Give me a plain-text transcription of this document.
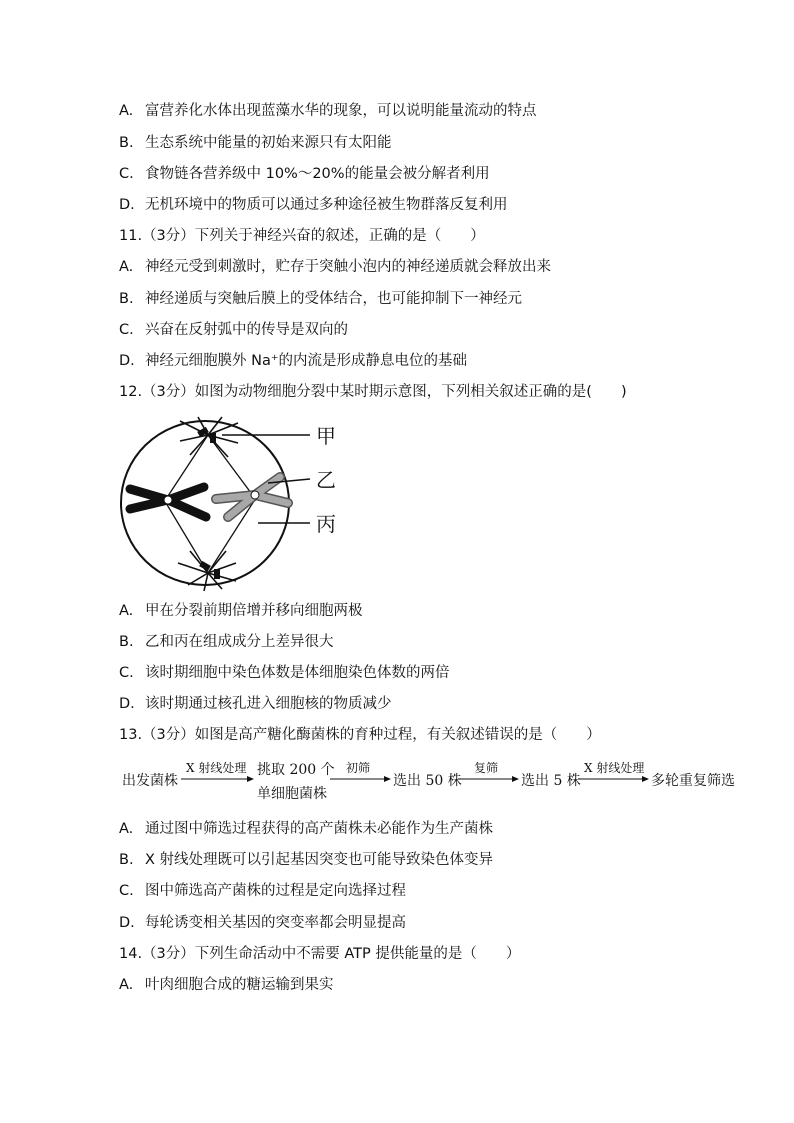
A. 富营养化水体出现蓝藻水华的现象，可以说明能量流动的特点
B. 生态系统中能量的初始来源只有太阳能
C. 食物链各营养级中 10%～20%的能量会被分解者利用
D. 无机环境中的物质可以通过多种途径被生物群落反复利用
11.（3分）下列关于神经兴奋的叙述，正确的是（　　）
A. 神经元受到刺激时，贮存于突触小泡内的神经递质就会释放出来
B. 神经递质与突触后膜上的受体结合，也可能抑制下一神经元
C. 兴奋在反射弧中的传导是双向的
D. 神经元细胞膜外 Na⁺的内流是形成静息电位的基础
12.（3分）如图为动物细胞分裂中某时期示意图，下列相关叙述正确的是(　　)
甲
乙
丙
A. 甲在分裂前期倍增并移向细胞两极
B. 乙和丙在组成成分上差异很大
C. 该时期细胞中染色体数是体细胞染色体数的两倍
D. 该时期通过核孔进入细胞核的物质减少
13.（3分）如图是高产糖化酶菌株的育种过程，有关叙述错误的是（　　）
出发菌株
X 射线处理 挑取 200 个
单细胞菌株
初筛
选出 50 株
复筛
选出 5 株
X 射线处理
多轮重复筛选
A. 通过图中筛选过程获得的高产菌株未必能作为生产菌株
B. X 射线处理既可以引起基因突变也可能导致染色体变异
C. 图中筛选高产菌株的过程是定向选择过程
D. 每轮诱变相关基因的突变率都会明显提高
14.（3分）下列生命活动中不需要 ATP 提供能量的是（　　）
A. 叶肉细胞合成的糖运输到果实
